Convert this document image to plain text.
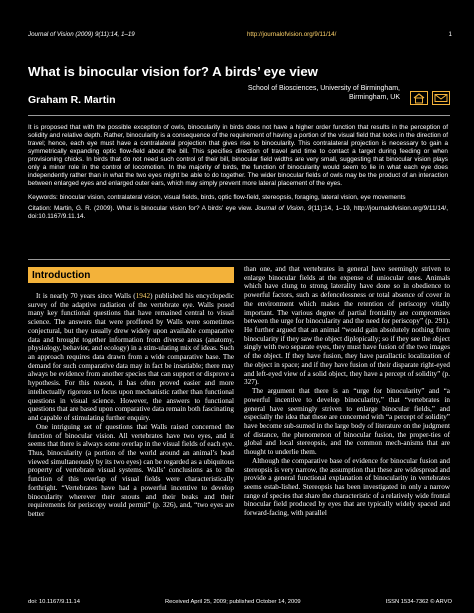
Journal of Vision (2009) 9(11):14, 1–19	http://journalofvision.org/9/11/14/	1
What is binocular vision for? A birds’ eye view
Graham R. Martin
School of Biosciences, University of Birmingham,
Birmingham, UK

It is proposed that with the possible exception of owls, binocularity in birds does not have a higher order function that results in the perception of solidity and relative depth. Rather, binocularity is a consequence of the requirement of having a portion of the visual field that looks in the direction of travel; hence, each eye must have a contralateral projection that gives rise to binocularity. This contralateral projection is necessary to gain a symmetrically expanding optic flow-field about the bill. This specifies direction of travel and time to contact a target during feeding or when provisioning chicks. In birds that do not need such control of their bill, binocular field widths are very small, suggesting that binocular vision plays only a minor role in the control of locomotion. In the majority of birds, the function of binocularity would seem to lie in what each eye does independently rather than in what the two eyes might be able to do together. The wider binocular fields of owls may be the product of an interaction between enlarged eyes and enlarged outer ears, which may simply prevent more lateral placement of the eyes.

Keywords: binocular vision, contralateral vision, visual fields, birds, optic flow-field, stereopsis, foraging, lateral vision, eye movements

Citation: Martin, G. R. (2009). What is binocular vision for? A birds’ eye view. Journal of Vision, 9(11):14, 1–19, http://journalofvision.org/9/11/14/, doi:10.1167/9.11.14.

Introduction

It is nearly 70 years since Walls (1942) published his encyclopedic survey of the adaptive radiation of the vertebrate eye. Walls posed many key functional questions that have remained central to visual science. The answers that were proffered by Walls were sometimes conjectural, but they usually drew widely upon available comparative data and brought together information from diverse areas (anatomy, physiology, behavior, and ecology) in a stim-ulating mix of ideas. Such an approach requires data drawn from a wide comparative base. The demand for such comparative data may in fact be insatiable; there may always be evidence from another species that can support or disprove a hypothesis. For this reason, it has often proved easier and more intellectually rigorous to focus upon mechanistic rather than functional questions in visual science. However, the answers to functional questions that are based upon comparative data remain both fascinating and capable of stimulating further enquiry.

One intriguing set of questions that Walls raised concerned the function of binocular vision. All vertebrates have two eyes, and it seems that there is always some overlap in the visual fields of each eye. Thus, binocularity (a portion of the world around an animal’s head viewed simultaneously by its two eyes) can be regarded as a ubiquitous property of vertebrate visual systems. Walls’ conclusions as to the function of this overlap of visual fields were characteristically forthright. “Vertebrates have had a powerful incentive to develop binocularity wherever their snouts and their beaks and their requirements for periscopy would permit” (p. 326), and, “two eyes are better

than one, and that vertebrates in general have seemingly striven to enlarge binocular fields at the expense of uniocular ones. Animals which have clung to strong laterality have done so in obedience to powerful factors, such as defencelessness or total absence of cover in the environment which makes the retention of periscopy vitally important. The various degree of partial frontality are compromises between the urge for binocularity and the need for periscopy” (p. 291). He further argued that an animal “would gain absolutely nothing from binocularity if they saw the object diplopically; so if they see the object singly with two separate eyes, they must have fusion of the two images of the object. If they have fusion, they have parallactic localization of the object in space; and if they have fusion of their disparate right-eyed and left-eyed view of a solid object, they have a percept of solidity” (p. 327).

The argument that there is an “urge for binocularity” and “a powerful incentive to develop binocularity,” that “vertebrates in general have seemingly striven to enlarge binocular fields,” and especially the idea that these are concerned with “a percept of solidity” have become sub-sumed in the large body of literature on the judgment of distance, the phenomenon of binocular fusion, the proper-ties of global and local stereopsis, and the common mech-anisms that are thought to underlie them.

Although the comparative base of evidence for binocular fusion and stereopsis is very narrow, the assumption that these are widespread and provide a general functional explanation of binocularity in vertebrates seems estab-lished. Stereopsis has been investigated in only a narrow range of species that share the characteristic of a relatively wide frontal binocular field produced by eyes that are typically widely spaced and forward-facing, with parallel

doi: 10.1167/9.11.14	Received April 25, 2009; published October 14, 2009	ISSN 1534-7362 © ARVO
